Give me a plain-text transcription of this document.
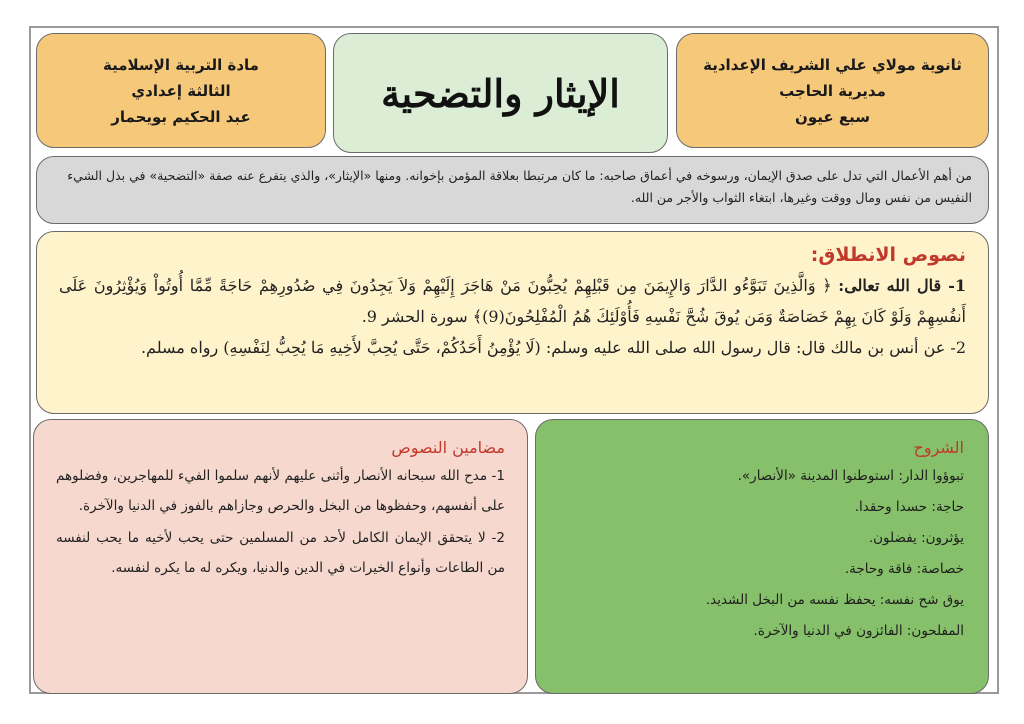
ثانوية مولاي علي الشريف الإعدادية
مديرية الحاجب
سبع عيون
الإيثار والتضحية
مادة التربية الإسلامية
الثالثة إعدادي
عبد الحكيم بويحمار
من أهم الأعمال التي تدل على صدق الإيمان، ورسوخه في أعماق صاحبه: ما كان مرتبطا بعلاقة المؤمن بإخوانه. ومنها «الإيثار»، والذي يتفرع عنه صفة «التضحية» في بذل الشيء النفيس من نفس ومال ووقت وغيرها، ابتغاء الثواب والأجر من الله.
نصوص الانطلاق:

1- قال الله تعالى: ﴿ وَالَّذِينَ تَبَوَّءُو الدَّارَ وَالإِيمَنَ مِن قَبْلِهِمْ يُحِبُّونَ مَنْ هَاجَرَ إِلَيْهِمْ وَلاَ يَجِدُونَ فِي صُدُورِهِمْ حَاجَةً مِّمَّا أُوتُواْ وَيُؤْثِرُونَ عَلَى أَنفُسِهِمْ وَلَوْ كَانَ بِهِمْ خَصَاصَةٌ وَمَن يُوقَ شُحَّ نَفْسِهِ فَأُوْلَئِكَ هُمُ الْمُفْلِحُونَ(9)﴾ سورة الحشر 9.

2- عن أنس بن مالك قال: قال رسول الله صلى الله عليه وسلم: (لَا يُؤْمِنُ أَحَدُكُمْ، حَتَّى يُحِبَّ لأَخِيهِ مَا يُحِبُّ لِنَفْسِهِ) رواه مسلم.

الشروح
تبوؤوا الدار: استوطنوا المدينة «الأنصار».
حاجة: حسدا وحقدا.
يؤثرون: يفضلون.
خصاصة: فاقة وحاجة.
يوق شح نفسه: يحفظ نفسه من البخل الشديد.
المفلحون: الفائزون في الدنيا والآخرة.
مضامين النصوص

1- مدح الله سبحانه الأنصار وأثنى عليهم لأنهم سلموا الفيء للمهاجرين، وفضلوهم على أنفسهم، وحفظوها من البخل والحرص وجازاهم بالفوز في الدنيا والآخرة.

2- لا يتحقق الإيمان الكامل لأحد من المسلمين حتى يحب لأخيه ما يحب لنفسه من الطاعات وأنواع الخيرات في الدين والدنيا، ويكره له ما يكره لنفسه.
